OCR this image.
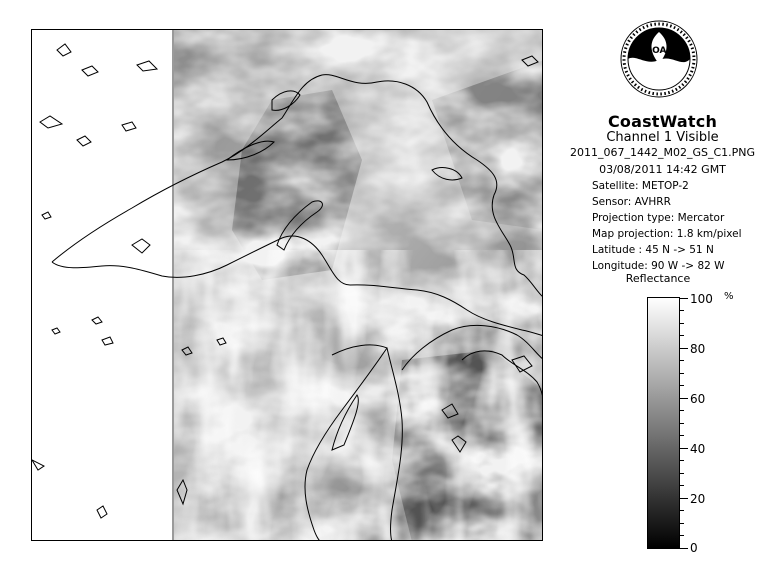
NOAA
CoastWatch
Channel 1 Visible
2011_067_1442_M02_GS_C1.PNG
03/08/2011 14:42 GMT
Satellite: METOP-2
Sensor: AVHRR
Projection type: Mercator
Map projection: 1.8 km/pixel
Latitude : 45 N -> 51 N
Longitude: 90 W -> 82 W
Reflectance
%
100
80
60
40
20
0
